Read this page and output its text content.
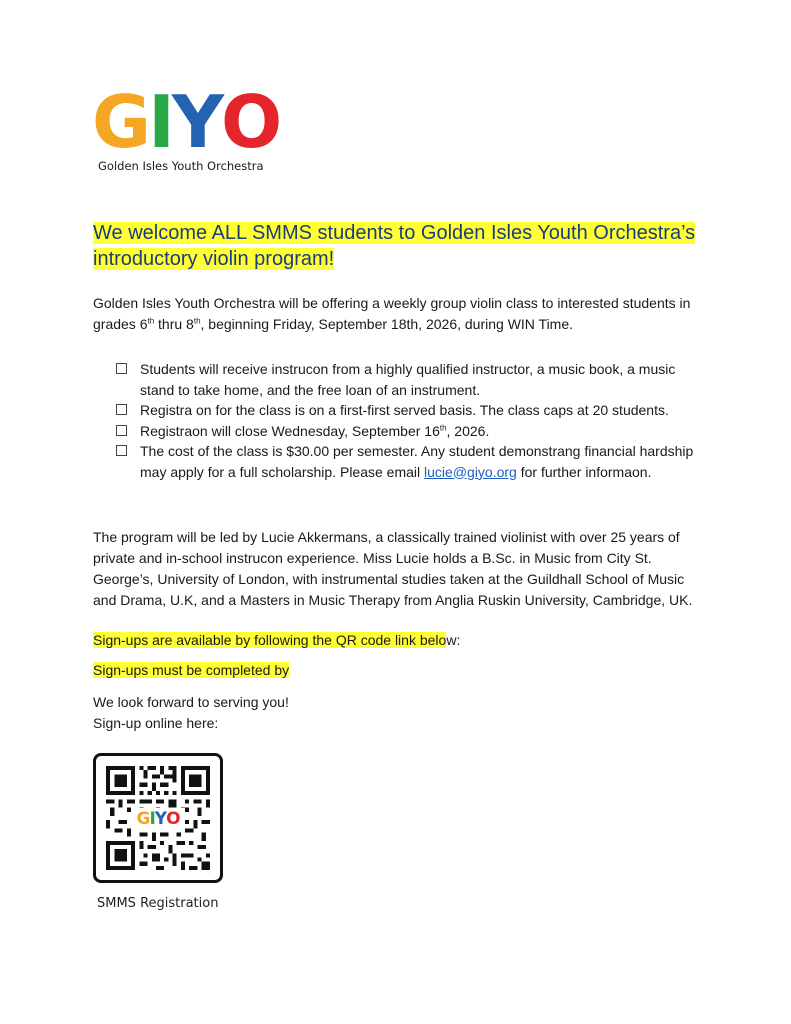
G I Y O
Golden Isles Youth Orchestra
We welcome ALL SMMS students to Golden Isles Youth Orchestra’s introductory violin program!
Golden Isles Youth Orchestra will be offering a weekly group violin class to interested students in grades 6th thru 8th, beginning Friday, September 18th, 2026, during WIN Time.
Students will receive instrucon from a highly qualified instructor, a music book, a music stand to take home, and the free loan of an instrument.
Registra on for the class is on a first-first served basis. The class caps at 20 students.
Registraon will close Wednesday, September 16th, 2026.
The cost of the class is $30.00 per semester. Any student demonstrang financial hardship may apply for a full scholarship. Please email lucie@giyo.org for further informaon.
The program will be led by Lucie Akkermans, a classically trained violinist with over 25 years of private and in-school instrucon experience. Miss Lucie holds a B.Sc. in Music from City St. George’s, University of London, with instrumental studies taken at the Guildhall School of Music and Drama, U.K, and a Masters in Music Therapy from Anglia Ruskin University, Cambridge, UK.
Sign-ups are available by following the QR code link below:
Sign-ups must be completed by
We look forward to serving you!
Sign-up online here:
G I Y O
SMMS Registration
